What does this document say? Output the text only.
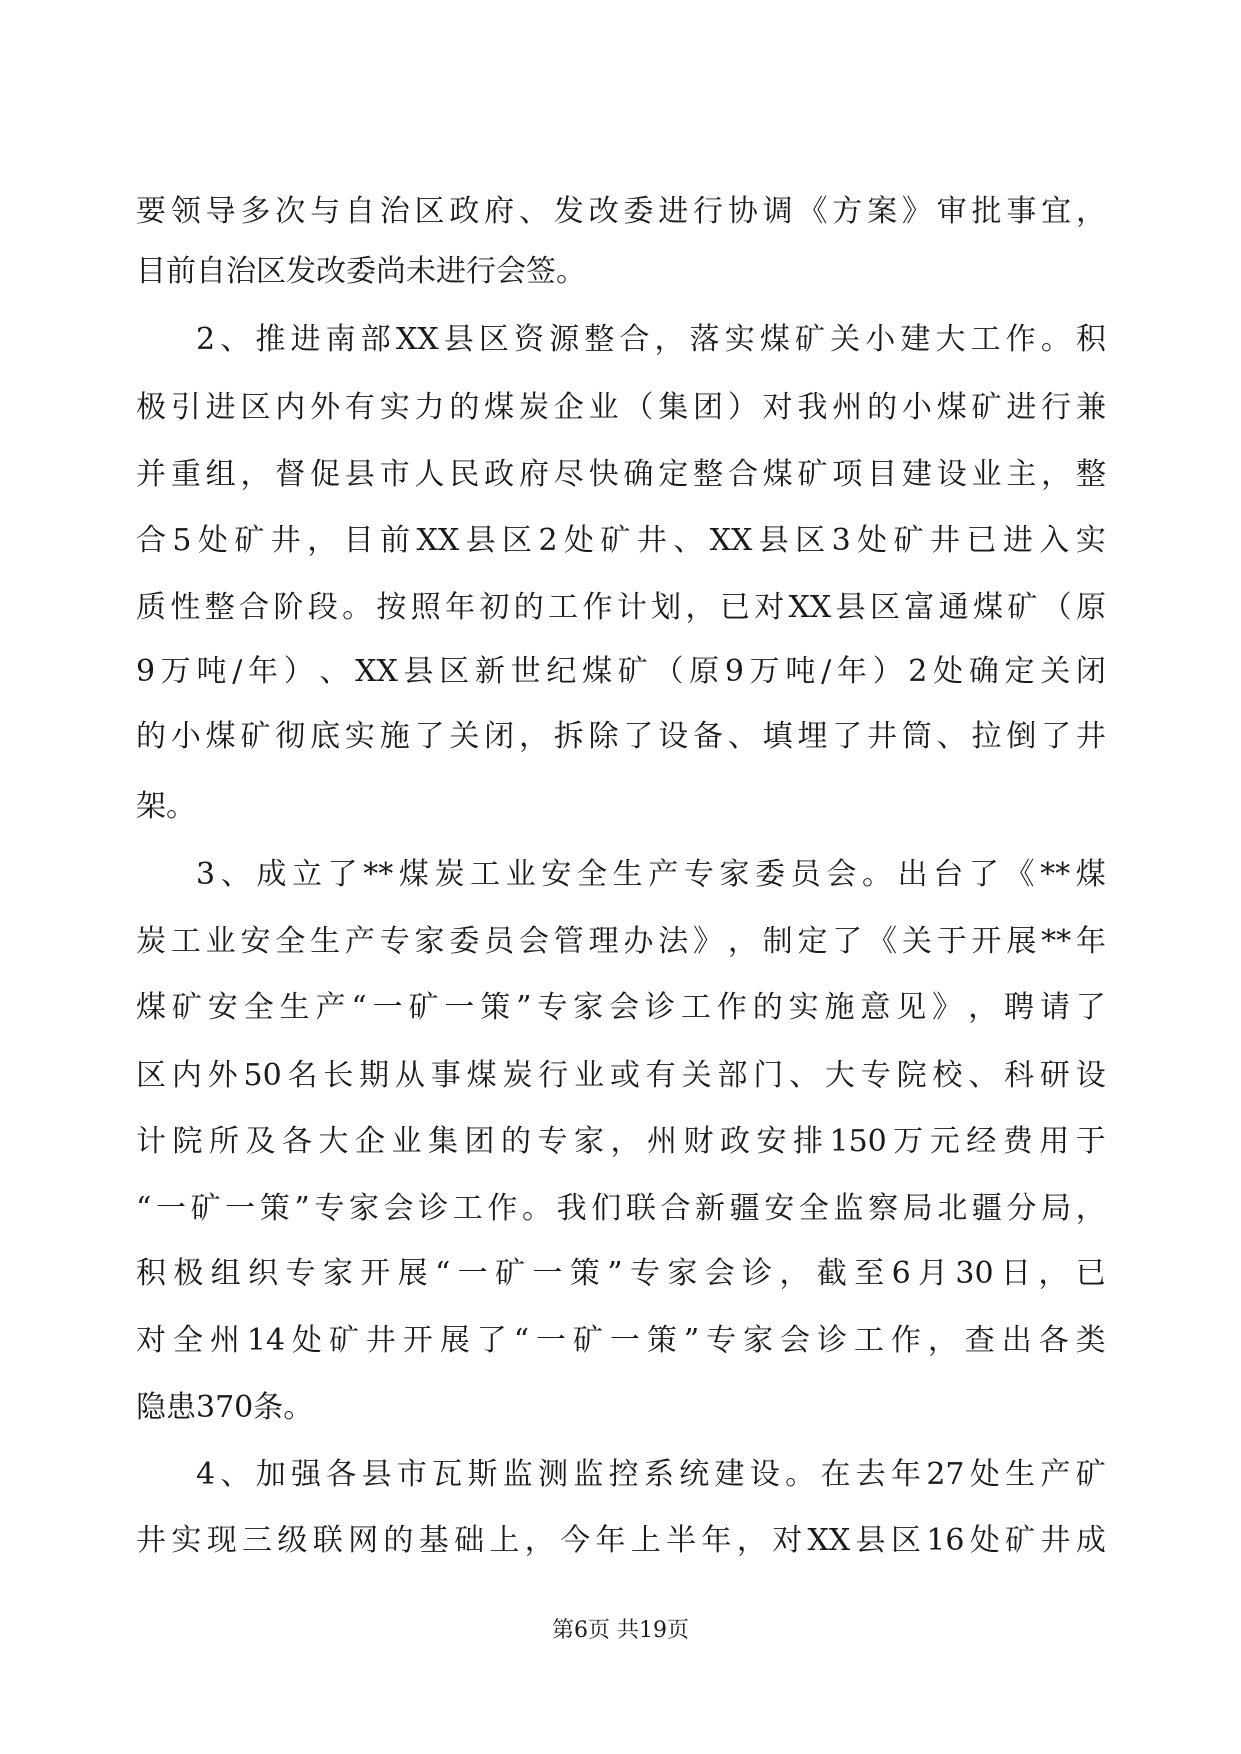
要 领 导 多 次 与 自 治 区 政 府 、 发 改 委 进 行 协 调 《 方 案 》 审 批 事 宜 ，
目前自治区发改委尚未进行会签。
2 、 推 进 南 部 XX 县 区 资 源 整 合 ， 落 实 煤 矿 关 小 建 大 工 作 。 积
极 引 进 区 内 外 有 实 力 的 煤 炭 企 业 （ 集 团 ） 对 我 州 的 小 煤 矿 进 行 兼
并 重 组 ， 督 促 县 市 人 民 政 府 尽 快 确 定 整 合 煤 矿 项 目 建 设 业 主 ， 整
合 5 处 矿 井 ， 目 前 XX 县 区 2 处 矿 井 、 XX 县 区 3 处 矿 井 已 进 入 实
质 性 整 合 阶 段 。 按 照 年 初 的 工 作 计 划 ， 已 对 XX 县 区 富 通 煤 矿 （ 原
9 万 吨 / 年 ） 、 XX 县 区 新 世 纪 煤 矿 （ 原 9 万 吨 / 年 ） 2 处 确 定 关 闭
的 小 煤 矿 彻 底 实 施 了 关 闭 ， 拆 除 了 设 备 、 填 埋 了 井 筒 、 拉 倒 了 井
架。
3 、 成 立 了 ** 煤 炭 工 业 安 全 生 产 专 家 委 员 会 。 出 台 了 《 ** 煤
炭 工 业 安 全 生 产 专 家 委 员 会 管 理 办 法 》 ， 制 定 了 《 关 于 开 展 ** 年
煤 矿 安 全 生 产 “ 一 矿 一 策 ” 专 家 会 诊 工 作 的 实 施 意 见 》 ， 聘 请 了
区 内 外 50 名 长 期 从 事 煤 炭 行 业 或 有 关 部 门 、 大 专 院 校 、 科 研 设
计 院 所 及 各 大 企 业 集 团 的 专 家 ， 州 财 政 安 排 150 万 元 经 费 用 于
“ 一 矿 一 策 ” 专 家 会 诊 工 作 。 我 们 联 合 新 疆 安 全 监 察 局 北 疆 分 局 ，
积 极 组 织 专 家 开 展 “ 一 矿 一 策 ” 专 家 会 诊 ， 截 至 6 月 30 日 ， 已
对 全 州 14 处 矿 井 开 展 了 “ 一 矿 一 策 ” 专 家 会 诊 工 作 ， 查 出 各 类
隐患370条。
4 、 加 强 各 县 市 瓦 斯 监 测 监 控 系 统 建 设 。 在 去 年 27 处 生 产 矿
井 实 现 三 级 联 网 的 基 础 上 ， 今 年 上 半 年 ， 对 XX 县 区 16 处 矿 井 成
第6页 共19页
